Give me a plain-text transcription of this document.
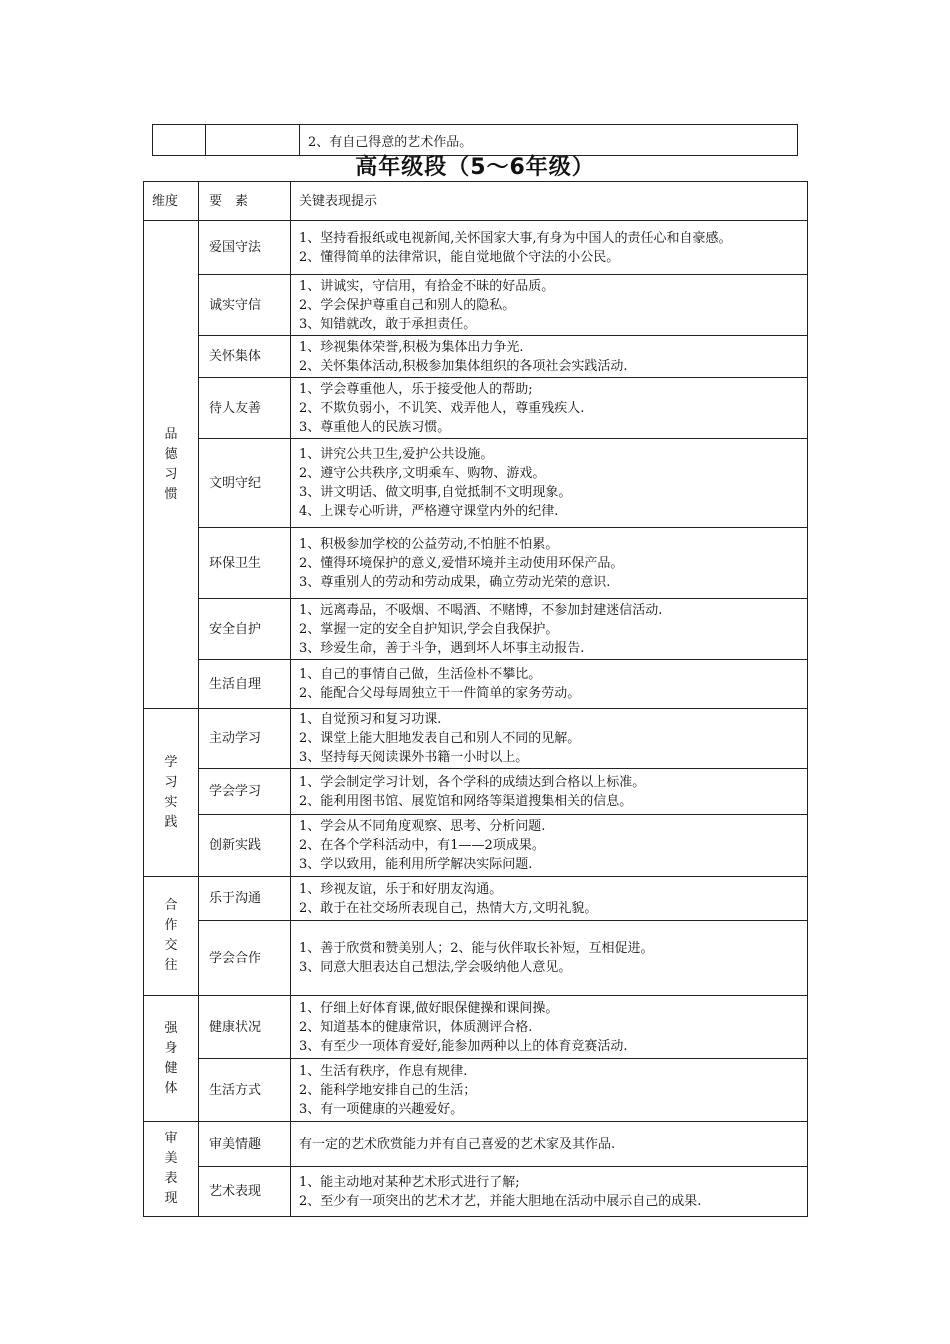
		2、有自己得意的艺术作品。
高年级段（5～6年级）
维度	要　素	关键表现提示

品
德
习
惯	爱国守法	1、坚持看报纸或电视新闻,关怀国家大事,有身为中国人的责任心和自豪感。
2、懂得简单的法律常识，能自觉地做个守法的小公民。

	诚实守信	1、讲诚实，守信用，有拾金不昧的好品质。
2、学会保护尊重自己和别人的隐私。
3、知错就改，敢于承担责任。

	关怀集体	1、珍视集体荣誉,积极为集体出力争光.
2、关怀集体活动,积极参加集体组织的各项社会实践活动.

	待人友善	1、学会尊重他人，乐于接受他人的帮助;
2、不欺负弱小，不讥笑、戏弄他人，尊重残疾人.
3、尊重他人的民族习惯。

	文明守纪	1、讲究公共卫生,爱护公共设施。
2、遵守公共秩序,文明乘车、购物、游戏。
3、讲文明话、做文明事,自觉抵制不文明现象。
4、上课专心听讲，严格遵守课堂内外的纪律.

	环保卫生	1、积极参加学校的公益劳动,不怕脏不怕累。
2、懂得环境保护的意义,爱惜环境并主动使用环保产品。
3、尊重别人的劳动和劳动成果，确立劳动光荣的意识.

	安全自护	1、远离毒品，不吸烟、不喝酒、不赌博，不参加封建迷信活动.
2、掌握一定的安全自护知识,学会自我保护。
3、珍爱生命，善于斗争，遇到坏人坏事主动报告.

	生活自理	1、自己的事情自己做，生活俭朴不攀比。
2、能配合父母每周独立干一件简单的家务劳动。

学
习
实
践	主动学习	1、自觉预习和复习功课.
2、课堂上能大胆地发表自己和别人不同的见解。
3、坚持每天阅读课外书籍一小时以上。

	学会学习	1、学会制定学习计划，各个学科的成绩达到合格以上标准。
2、能利用图书馆、展览馆和网络等渠道搜集相关的信息。

	创新实践	1、学会从不同角度观察、思考、分析问题.
2、在各个学科活动中，有1——2项成果。
3、学以致用，能利用所学解决实际问题.

合
作
交
往	乐于沟通	1、珍视友谊，乐于和好朋友沟通。
2、敢于在社交场所表现自己，热情大方,文明礼貌。

	学会合作	1、善于欣赏和赞美别人；2、能与伙伴取长补短，互相促进。
3、同意大胆表达自己想法,学会吸纳他人意见。

强
身
健
体	健康状况	1、仔细上好体育课,做好眼保健操和课间操。
2、知道基本的健康常识，体质测评合格.
3、有至少一项体育爱好,能参加两种以上的体育竞赛活动.

	生活方式	1、生活有秩序，作息有规律.
2、能科学地安排自己的生活；
3、有一项健康的兴趣爱好。

审
美
表
现	审美情趣	有一定的艺术欣赏能力并有自己喜爱的艺术家及其作品.

	艺术表现	1、能主动地对某种艺术形式进行了解;
2、至少有一项突出的艺术才艺，并能大胆地在活动中展示自己的成果.
